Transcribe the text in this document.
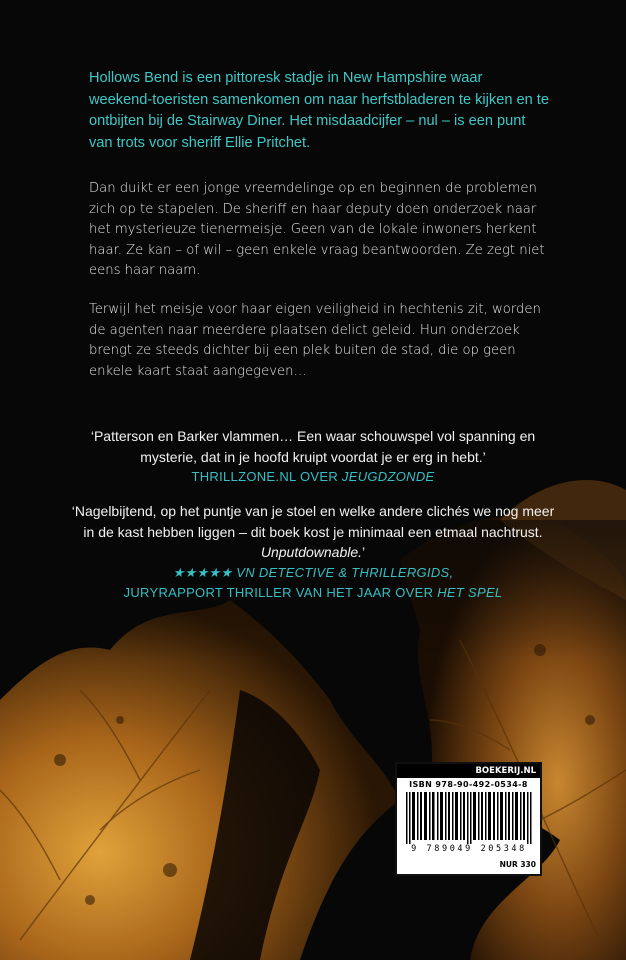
Hollows Bend is een pittoresk stadje in New Hampshire waar weekend-toeristen samenkomen om naar herfstbladeren te kijken en te ontbijten bij de Stairway Diner. Het misdaadcijfer – nul – is een punt van trots voor sheriff Ellie Pritchet.

Dan duikt er een jonge vreemdelinge op en beginnen de problemen zich op te stapelen. De sheriff en haar deputy doen onderzoek naar het mysterieuze tienermeisje. Geen van de lokale inwoners herkent haar. Ze kan – of wil – geen enkele vraag beantwoorden. Ze zegt niet eens haar naam.

Terwijl het meisje voor haar eigen veiligheid in hechtenis zit, worden de agenten naar meerdere plaatsen delict geleid. Hun onderzoek brengt ze steeds dichter bij een plek buiten de stad, die op geen enkele kaart staat aangegeven…

‘Patterson en Barker vlammen… Een waar schouwspel vol spanning en mysterie, dat in je hoofd kruipt voordat je er erg in hebt.’
THRILLZONE.NL OVER JEUGDZONDE

‘Nagelbijtend, op het puntje van je stoel en welke andere clichés we nog meer in de kast hebben liggen – dit boek kost je minimaal een etmaal nachtrust. Unputdownable.’
★★★★★ VN DETECTIVE & THRILLERGIDS,
JURYRAPPORT THRILLER VAN HET JAAR OVER HET SPEL

BOEKERIJ.NL
ISBN 978-90-492-0534-8
9 789049 205348
NUR 330
